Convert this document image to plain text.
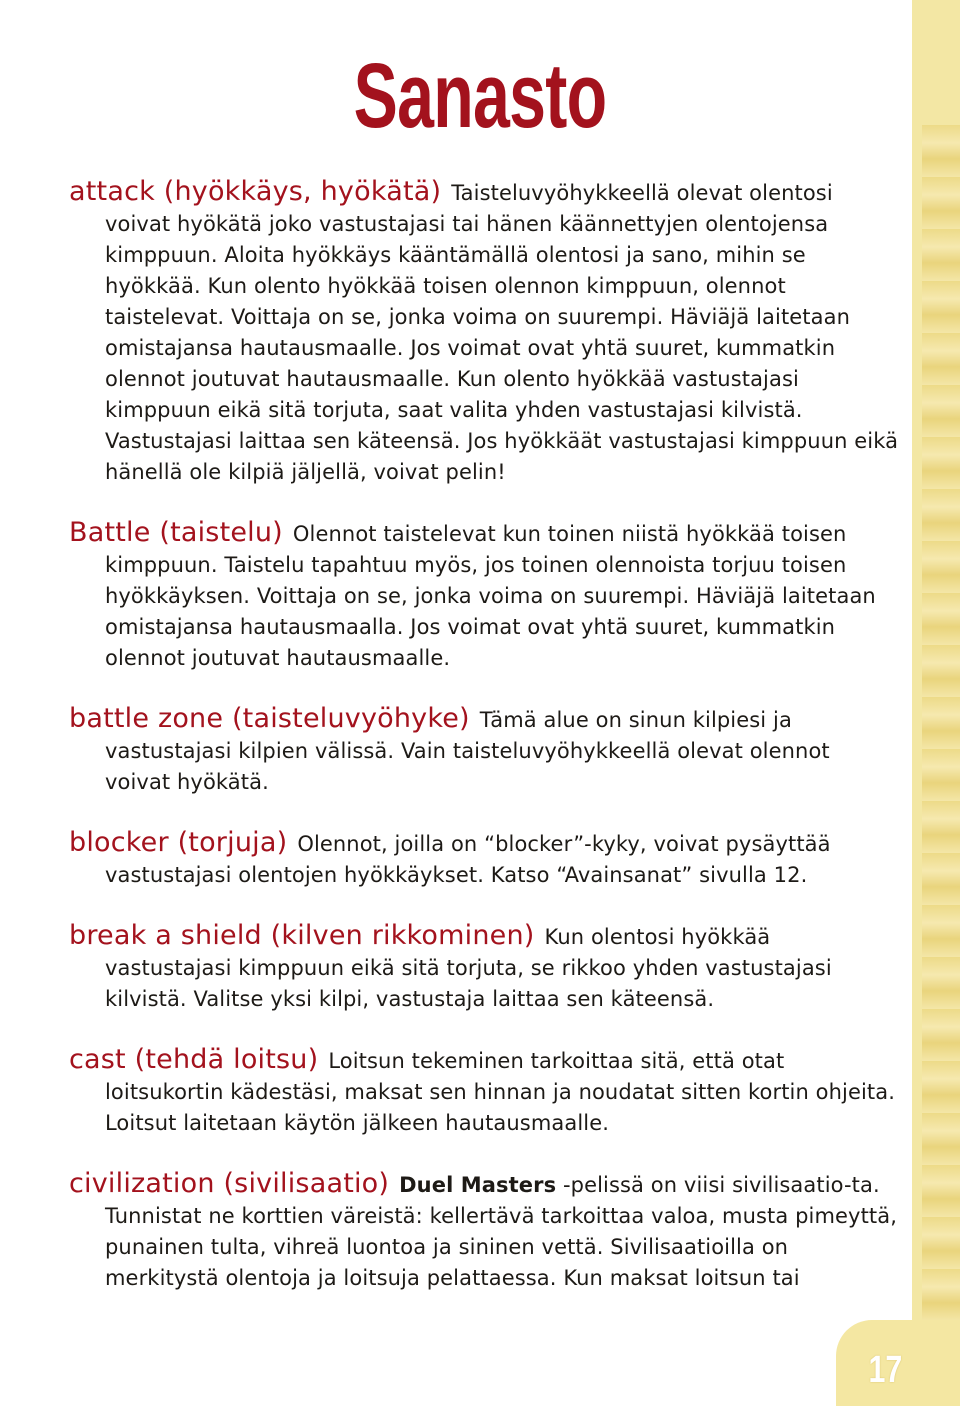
17
Sanasto

attack (hyökkäys, hyökätä) Taisteluvyöhykkeellä olevat olentosi voivat hyökätä joko vastustajasi tai hänen käännettyjen olentojensa kimppuun. Aloita hyökkäys kääntämällä olentosi ja sano, mihin se hyökkää. Kun olento hyökkää toisen olennon kimppuun, olennot taistelevat. Voittaja on se, jonka voima on suurempi. Häviäjä laitetaan omistajansa hautausmaalle. Jos voimat ovat yhtä suuret, kummatkin olennot joutuvat hautausmaalle. Kun olento hyökkää vastustajasi kimppuun eikä sitä torjuta, saat valita yhden vastustajasi kilvistä. Vastustajasi laittaa sen käteensä. Jos hyökkäät vastustajasi kimppuun eikä hänellä ole kilpiä jäljellä, voivat pelin!

Battle (taistelu) Olennot taistelevat kun toinen niistä hyökkää toisen kimppuun. Taistelu tapahtuu myös, jos toinen olennoista torjuu toisen hyökkäyksen. Voittaja on se, jonka voima on suurempi. Häviäjä laitetaan omistajansa hautausmaalla. Jos voimat ovat yhtä suuret, kummatkin olennot joutuvat hautausmaalle.

battle zone (taisteluvyöhyke) Tämä alue on sinun kilpiesi ja vastustajasi kilpien välissä. Vain taisteluvyöhykkeellä olevat olennot voivat hyökätä.

blocker (torjuja) Olennot, joilla on “blocker”-kyky, voivat pysäyttää vastustajasi olentojen hyökkäykset. Katso “Avainsanat” sivulla 12.

break a shield (kilven rikkominen) Kun olentosi hyökkää vastustajasi kimppuun eikä sitä torjuta, se rikkoo yhden vastustajasi kilvistä. Valitse yksi kilpi, vastustaja laittaa sen käteensä.

cast (tehdä loitsu) Loitsun tekeminen tarkoittaa sitä, että otat loitsukortin kädestäsi, maksat sen hinnan ja noudatat sitten kortin ohjeita. Loitsut laitetaan käytön jälkeen hautausmaalle.

civilization (sivilisaatio) Duel Masters -pelissä on viisi sivilisaatio-ta. Tunnistat ne korttien väreistä: kellertävä tarkoittaa valoa, musta pimeyttä, punainen tulta, vihreä luontoa ja sininen vettä. Sivilisaatioilla on merkitystä olentoja ja loitsuja pelattaessa. Kun maksat loitsun tai
